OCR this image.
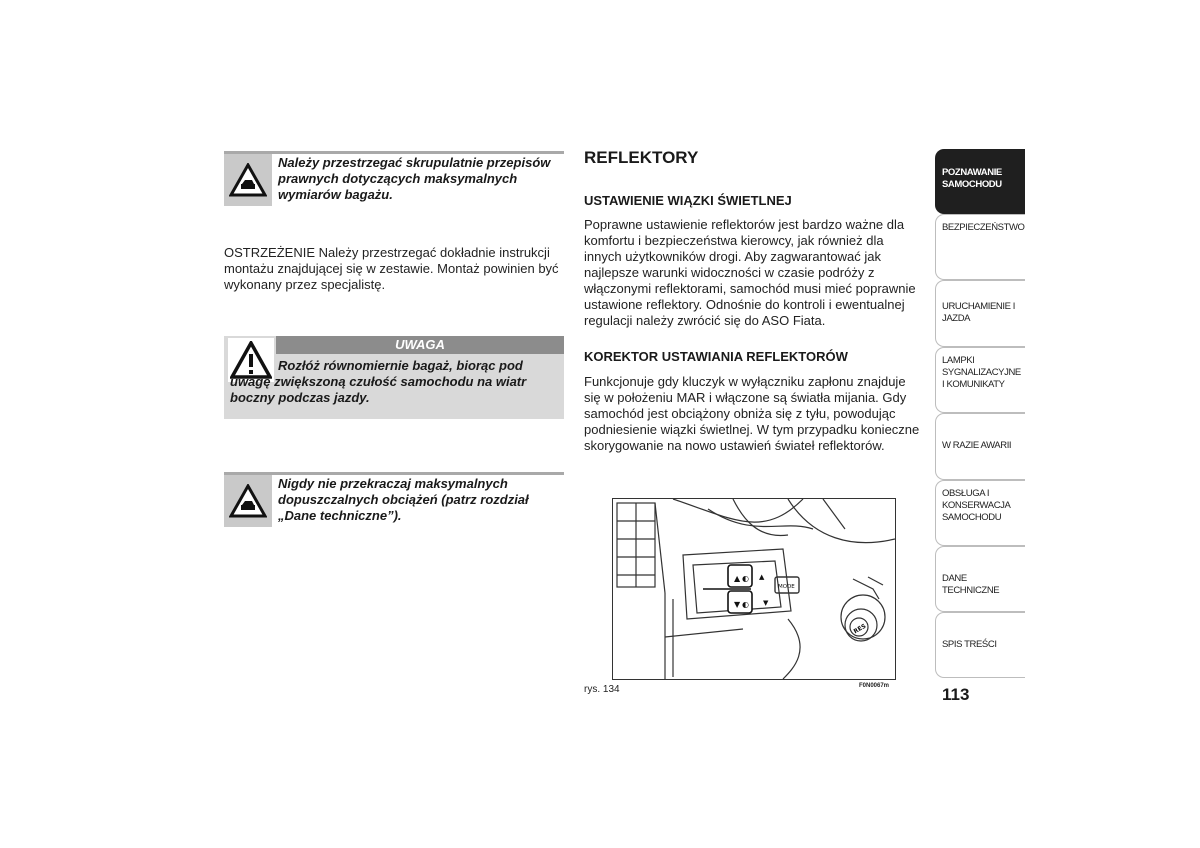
Należy przestrzegać skrupulatnie przepisów prawnych dotyczących maksymalnych wymiarów bagażu.
OSTRZEŻENIE Należy przestrzegać dokładnie instrukcji montażu znajdującej się w zestawie. Montaż powinien być wykonany przez specjalistę.
UWAGA
Rozłóż równomiernie bagaż, biorąc pod uwagę zwiększoną czułość samochodu na wiatr boczny podczas jazdy.
Nigdy nie przekraczaj maksymalnych dopuszczalnych obciążeń (patrz rozdział „Dane techniczne”).
REFLEKTORY
USTAWIENIE WIĄZKI ŚWIETLNEJ
Poprawne ustawienie reflektorów jest bardzo ważne dla komfortu i bezpieczeństwa kierowcy, jak również dla innych użytkowników drogi. Aby zagwarantować jak najlepsze warunki widoczności w czasie podróży z włączonymi reflektorami, samochód musi mieć poprawnie ustawione reflektory. Odnośnie do kontroli i ewentualnej regulacji należy zwrócić się do ASO Fiata.
KOREKTOR USTAWIANIA REFLEKTORÓW
Funkcjonuje gdy kluczyk w wyłączniku zapłonu znajduje się w położeniu MAR i włączone są światła mijania. Gdy samochód jest obciążony obniża się z tyłu, powodując podniesienie wiązki świetlnej. W tym przypadku konieczne skorygowanie na nowo ustawień świateł reflektorów.
▲ ◐
▼ ◐
▲
▼
MODE
RES
rys. 134	F0N0067m
POZNAWANIE SAMOCHODU
BEZPIECZEŃSTWO
URUCHAMIENIE I JAZDA
LAMPKI SYGNALIZACYJNE I KOMUNIKATY
W RAZIE AWARII
OBSŁUGA I KONSERWACJA SAMOCHODU
DANE TECHNICZNE
SPIS TREŚCI
113
